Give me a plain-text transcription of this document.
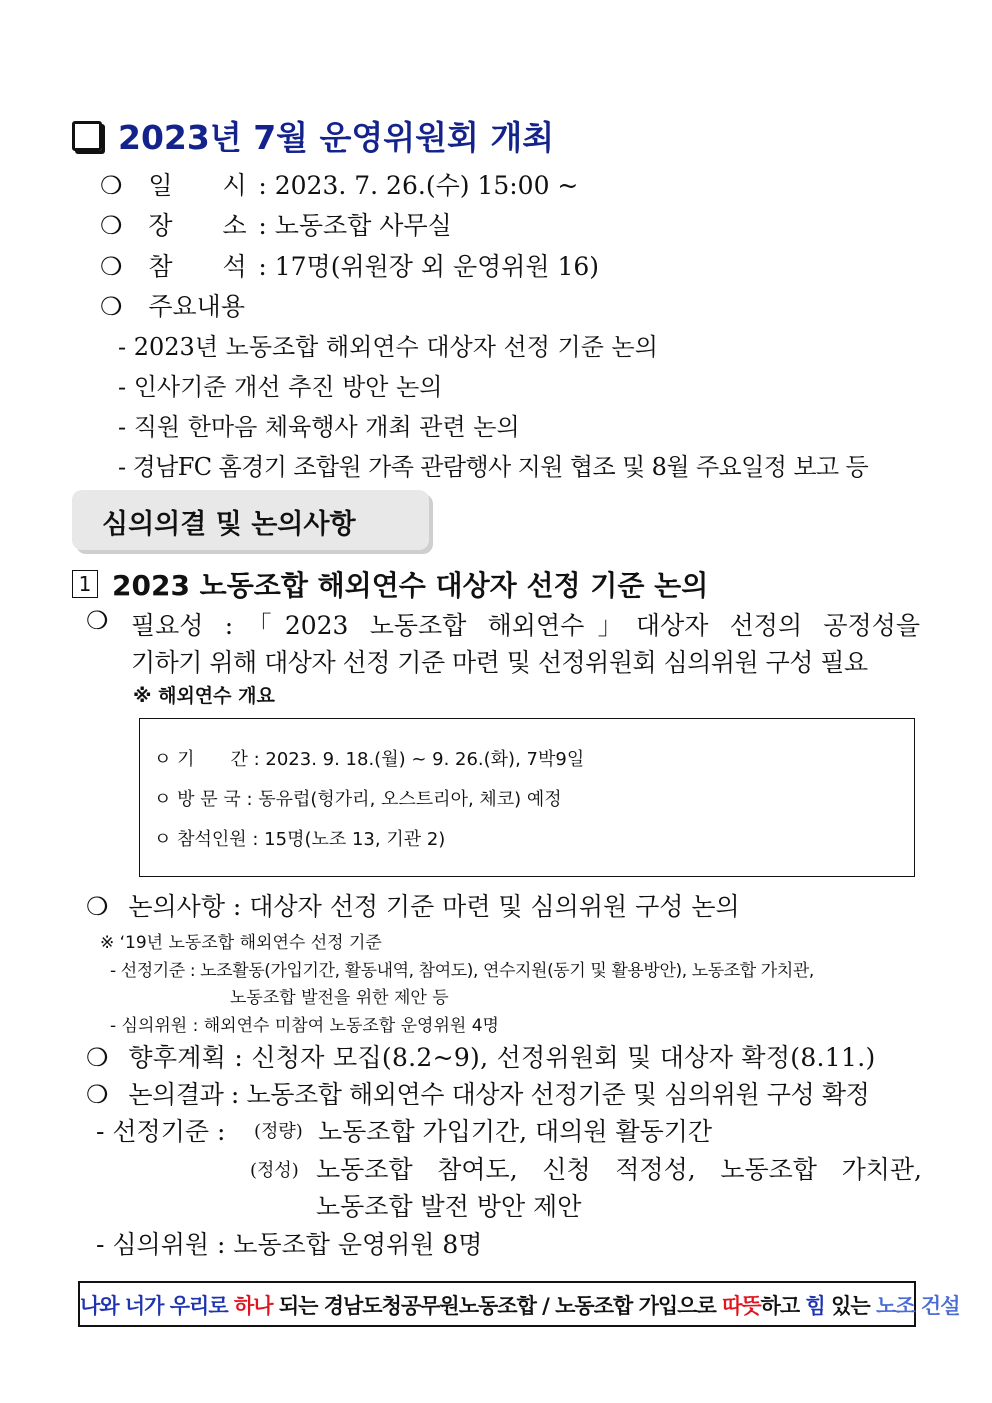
2023년 7월 운영위원회 개최
❍ 일　　시 : 2023. 7. 26.(수) 15:00 ~
❍ 장　　소 : 노동조합 사무실
❍ 참　　석 : 17명(위원장 외 운영위원 16)
❍ 주요내용
- 2023년 노동조합 해외연수 대상자 선정 기준 논의
- 인사기준 개선 추진 방안 논의
- 직원 한마음 체육행사 개최 관련 논의
- 경남FC 홈경기 조합원 가족 관람행사 지원 협조 및 8월 주요일정 보고 등
심의의결 및 논의사항
1 2023 노동조합 해외연수 대상자 선정 기준 논의
❍ 필요성 :「2023 노동조합 해외연수」대상자 선정의 공정성을
기하기 위해 대상자 선정 기준 마련 및 선정위원회 심의위원 구성 필요
※ 해외연수 개요
ㅇ 기　　간 : 2023. 9. 18.(월) ~ 9. 26.(화), 7박9일
ㅇ 방 문 국 : 동유럽(헝가리, 오스트리아, 체코) 예정
ㅇ 참석인원 : 15명(노조 13, 기관 2)
❍ 논의사항 : 대상자 선정 기준 마련 및 심의위원 구성 논의
※ ‘19년 노동조합 해외연수 선정 기준
- 선정기준 : 노조활동(가입기간, 활동내역, 참여도), 연수지원(동기 및 활용방안), 노동조합 가치관,
노동조합 발전을 위한 제안 등
- 심의위원 : 해외연수 미참여 노동조합 운영위원 4명
❍ 향후계획 : 신청자 모집(8.2~9), 선정위원회 및 대상자 확정(8.11.)
❍ 논의결과 : 노동조합 해외연수 대상자 선정기준 및 심의위원 구성 확정
- 선정기준 : (정량) 노동조합 가입기간, 대의원 활동기간
(정성) 노동조합 참여도, 신청 적정성, 노동조합 가치관,
노동조합 발전 방안 제안
- 심의위원 : 노동조합 운영위원 8명
나와 너가 우리로 하나 되는 경남도청공무원노동조합 / 노동조합 가입으로 따뜻하고 힘 있는 노조 건설
